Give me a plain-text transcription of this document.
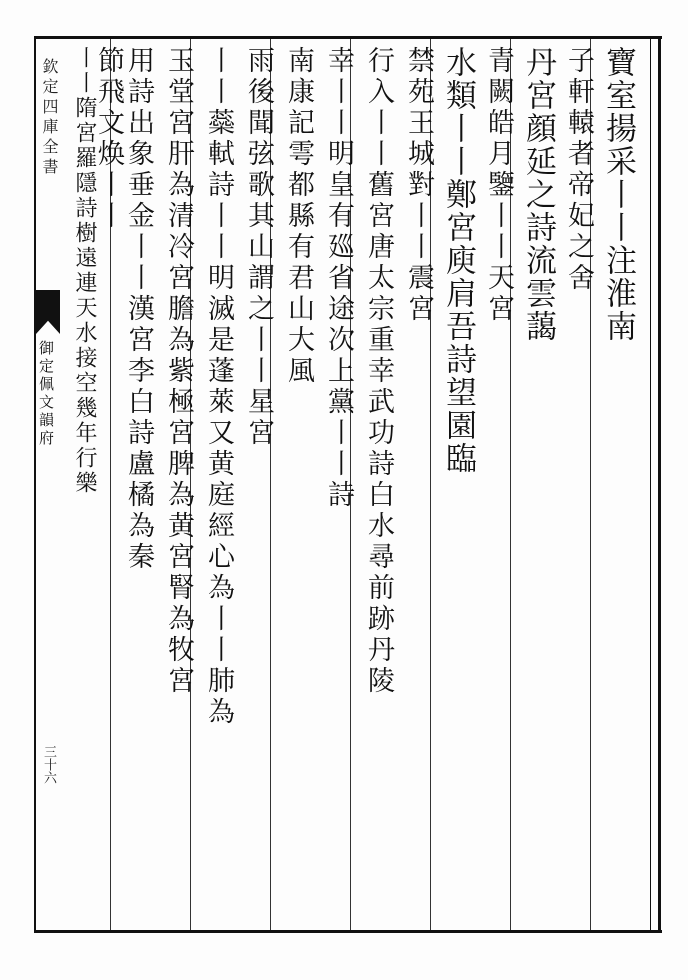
欽定四庫全書
御定佩文韻府
三十六
寶室揚采丨丨注淮南
子軒轅者帝妃之舍
丹宮顔延之詩流雲藹
青闕皓月鑒丨丨天宮
水類丨丨鄭宮庾肩吾詩望園臨
禁苑王城對丨丨震宮
行入丨丨舊宮唐太宗重幸武功詩白水尋前跡丹陵
幸丨丨明皇有廵省途次上黨丨丨詩
南康記雩都縣有君山大風
雨後聞弦歌其山謂之丨丨星宮
丨丨蘂軾詩丨丨明滅是蓬萊又黄庭經心為丨丨肺為
玉堂宮肝為清冷宮膽為紫極宮脾為黄宮腎為牧宮
用詩出象垂金丨丨漢宮李白詩盧橘為秦
節飛文焕丨丨
丨丨隋宮羅隱詩樹遠連天水接空幾年行樂
